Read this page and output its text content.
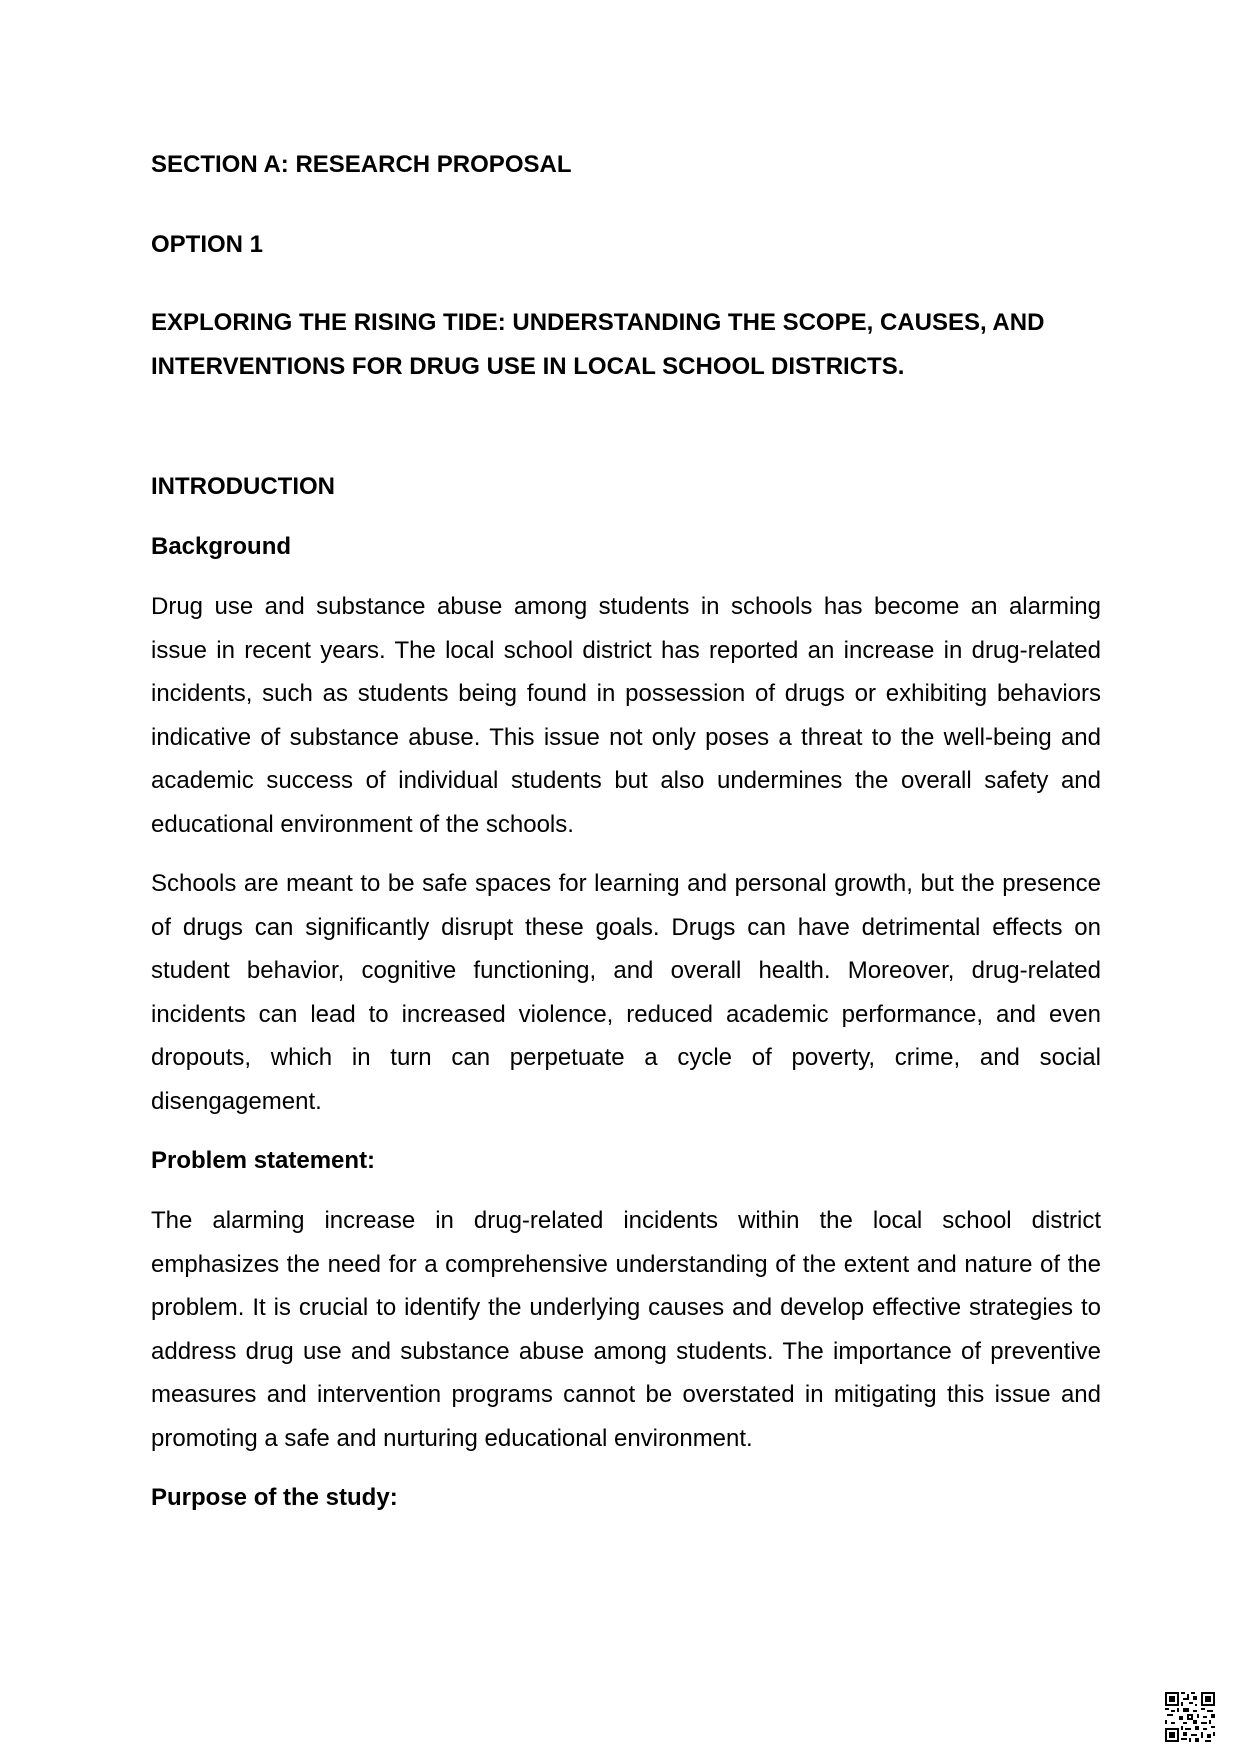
SECTION A: RESEARCH PROPOSAL

OPTION 1

EXPLORING THE RISING TIDE: UNDERSTANDING THE SCOPE, CAUSES, AND INTERVENTIONS FOR DRUG USE IN LOCAL SCHOOL DISTRICTS.

INTRODUCTION

Background

Drug use and substance abuse among students in schools has become an alarming issue in recent years. The local school district has reported an increase in drug-related incidents, such as students being found in possession of drugs or exhibiting behaviors indicative of substance abuse. This issue not only poses a threat to the well-being and academic success of individual students but also undermines the overall safety and educational environment of the schools.

Schools are meant to be safe spaces for learning and personal growth, but the presence of drugs can significantly disrupt these goals. Drugs can have detrimental effects on student behavior, cognitive functioning, and overall health. Moreover, drug-related incidents can lead to increased violence, reduced academic performance, and even dropouts, which in turn can perpetuate a cycle of poverty, crime, and social disengagement.

Problem statement:

The alarming increase in drug-related incidents within the local school district emphasizes the need for a comprehensive understanding of the extent and nature of the problem. It is crucial to identify the underlying causes and develop effective strategies to address drug use and substance abuse among students. The importance of preventive measures and intervention programs cannot be overstated in mitigating this issue and promoting a safe and nurturing educational environment.

Purpose of the study:
